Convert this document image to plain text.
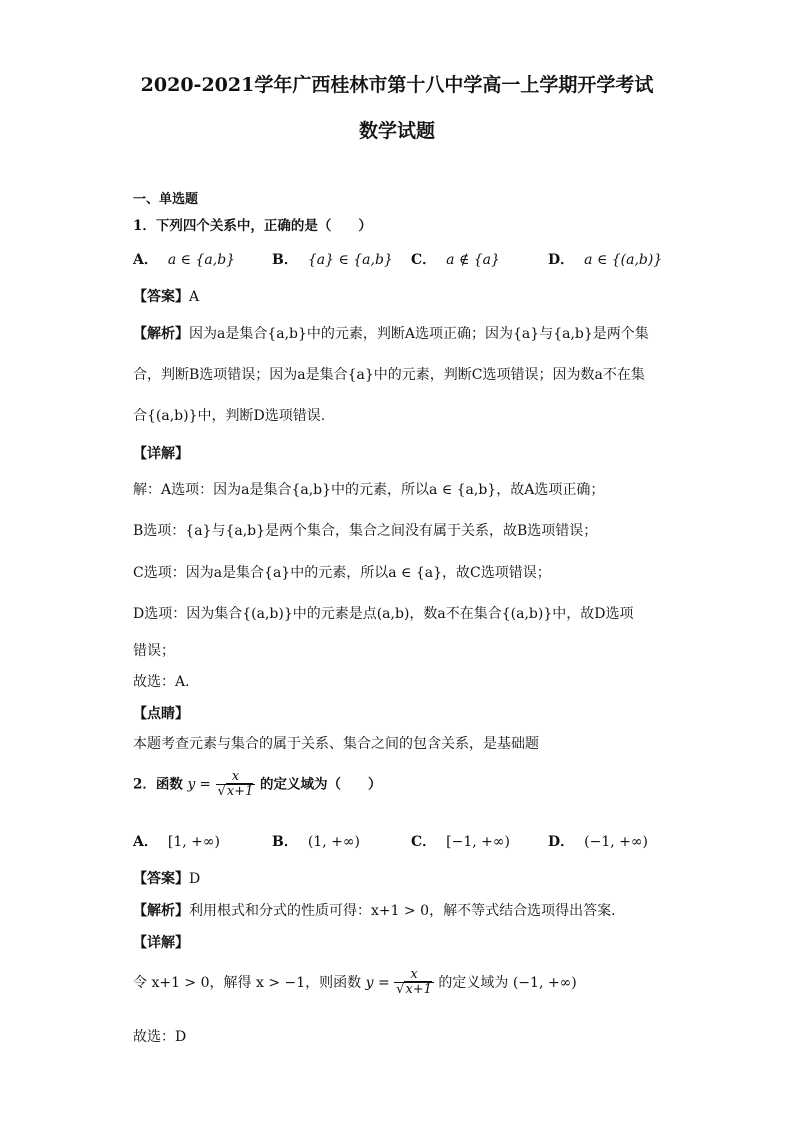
2020-2021学年广西桂林市第十八中学高一上学期开学考试
数学试题
一、单选题
1．下列四个关系中，正确的是（　　）
A． a ∈ {a,b}	B． {a} ∈ {a,b} C． a ∉ {a}	D． a ∈ {(a,b)}
【答案】A
【解析】因为a是集合{a,b}中的元素，判断A选项正确；因为{a}与{a,b}是两个集
合，判断B选项错误；因为a是集合{a}中的元素，判断C选项错误；因为数a不在集
合{(a,b)}中，判断D选项错误.
【详解】
解：A选项：因为a是集合{a,b}中的元素，所以a ∈ {a,b}，故A选项正确；
B选项：{a}与{a,b}是两个集合，集合之间没有属于关系，故B选项错误；
C选项：因为a是集合{a}中的元素，所以a ∈ {a}，故C选项错误；
D选项：因为集合{(a,b)}中的元素是点(a,b)，数a不在集合{(a,b)}中，故D选项
错误；
故选：A.
【点睛】
本题考查元素与集合的属于关系、集合之间的包含关系，是基础题
2．函数 $y = \frac{x}{√x+1}$ 的定义域为（　　）
A． [1, +∞)	B． (1, +∞)	C． [−1, +∞)	D． (−1, +∞)
【答案】D
【解析】利用根式和分式的性质可得：x+1 > 0，解不等式结合选项得出答案.
【详解】
令 x+1 > 0，解得 x > −1，则函数 $y = \frac{x}{√x+1}$ 的定义域为 (−1, +∞)
故选：D
